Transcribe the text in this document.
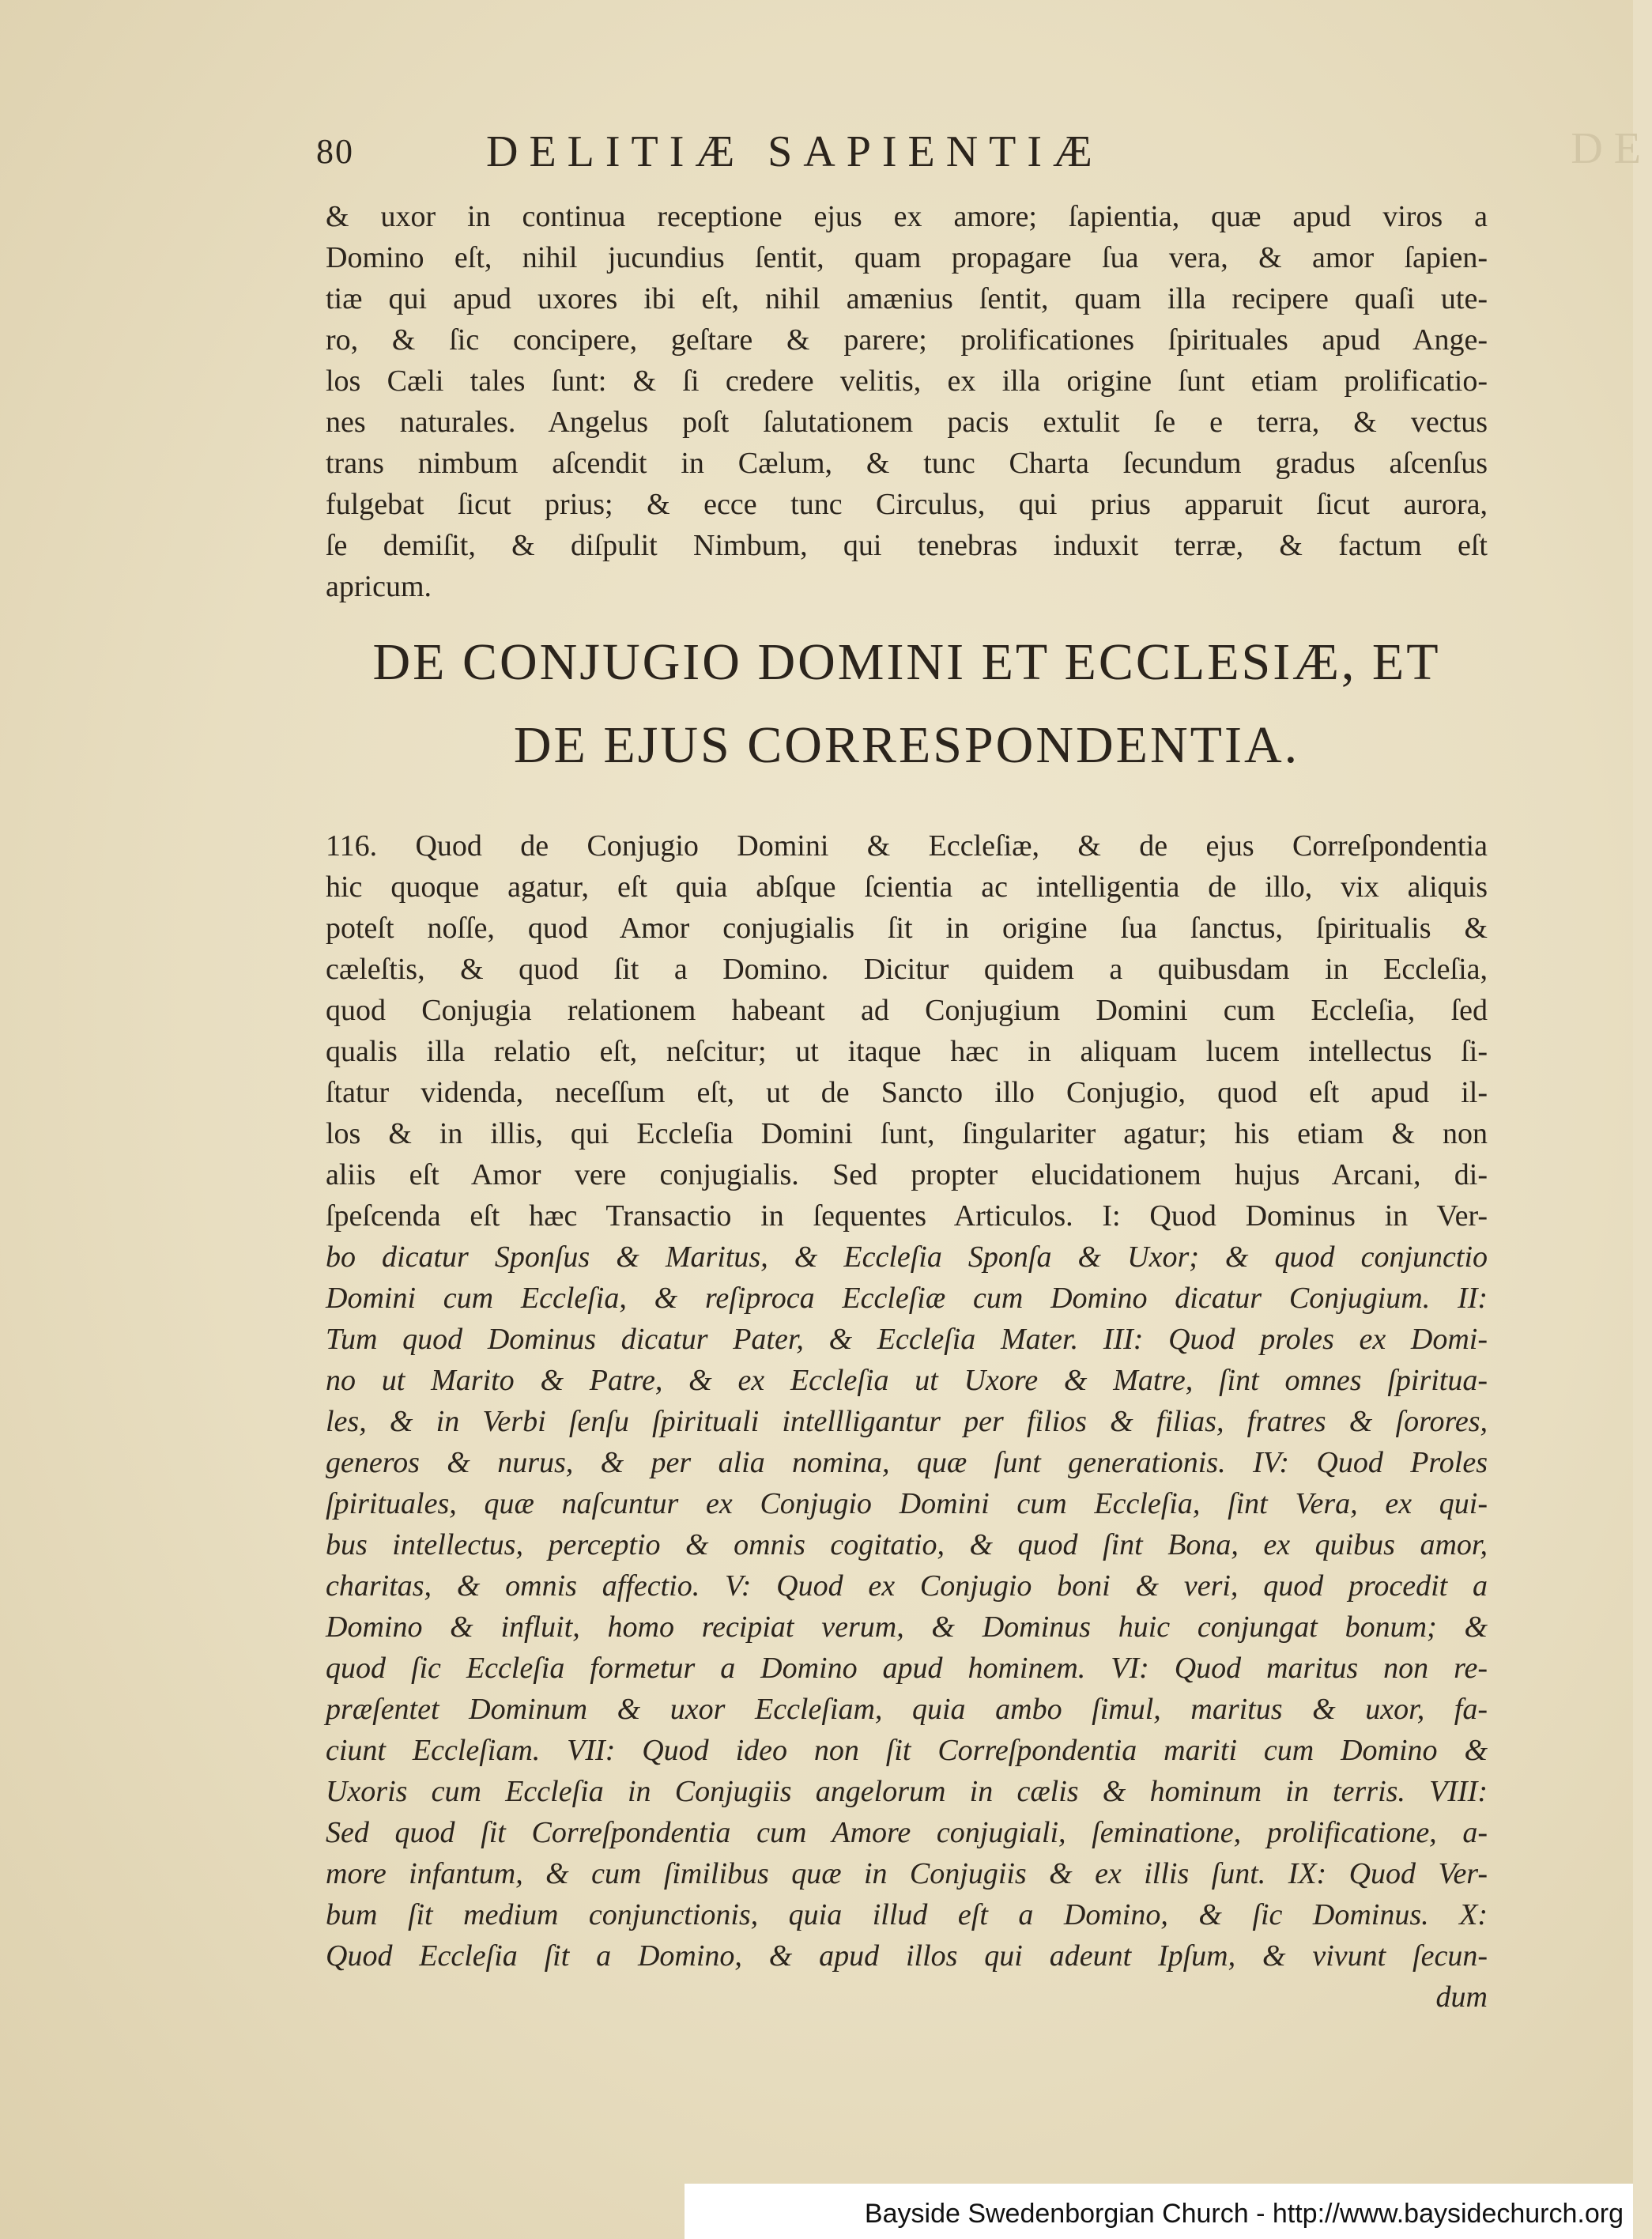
80	DELITIÆ SAPIENTIÆ	DE
& uxor in continua receptione ejus ex amore; ſapientia, quæ apud viros a
Domino eſt, nihil jucundius ſentit, quam propagare ſua vera, & amor ſapien-
tiæ qui apud uxores ibi eſt, nihil amænius ſentit, quam illa recipere quaſi ute-
ro, & ſic concipere, geſtare & parere; prolificationes ſpirituales apud Ange-
los Cæli tales ſunt: & ſi credere velitis, ex illa origine ſunt etiam prolificatio-
nes naturales. Angelus poſt ſalutationem pacis extulit ſe e terra, & vectus
trans nimbum aſcendit in Cælum, & tunc Charta ſecundum gradus aſcenſus
fulgebat ſicut prius; & ecce tunc Circulus, qui prius apparuit ſicut aurora,
ſe demiſit, & diſpulit Nimbum, qui tenebras induxit terræ, & factum eſt
apricum.
DE CONJUGIO DOMINI ET ECCLESIÆ, ET
DE EJUS CORRESPONDENTIA.
116. Quod de Conjugio Domini & Eccleſiæ, & de ejus Correſpondentia
hic quoque agatur, eſt quia abſque ſcientia ac intelligentia de illo, vix aliquis
poteſt noſſe, quod Amor conjugialis ſit in origine ſua ſanctus, ſpiritualis &
cæleſtis, & quod ſit a Domino. Dicitur quidem a quibusdam in Eccleſia,
quod Conjugia relationem habeant ad Conjugium Domini cum Eccleſia, ſed
qualis illa relatio eſt, neſcitur; ut itaque hæc in aliquam lucem intellectus ſi-
ſtatur videnda, neceſſum eſt, ut de Sancto illo Conjugio, quod eſt apud il-
los & in illis, qui Eccleſia Domini ſunt, ſingulariter agatur; his etiam & non
aliis eſt Amor vere conjugialis. Sed propter elucidationem hujus Arcani, di-
ſpeſcenda eſt hæc Transactio in ſequentes Articulos. I: Quod Dominus in Ver-
bo dicatur Sponſus & Maritus, & Eccleſia Sponſa & Uxor; & quod conjunctio
Domini cum Eccleſia, & reſiproca Eccleſiæ cum Domino dicatur Conjugium. II:
Tum quod Dominus dicatur Pater, & Eccleſia Mater. III: Quod proles ex Domi-
no ut Marito & Patre, & ex Eccleſia ut Uxore & Matre, ſint omnes ſpiritua-
les, & in Verbi ſenſu ſpirituali intellligantur per filios & filias, fratres & ſorores,
generos & nurus, & per alia nomina, quæ ſunt generationis. IV: Quod Proles
ſpirituales, quæ naſcuntur ex Conjugio Domini cum Eccleſia, ſint Vera, ex qui-
bus intellectus, perceptio & omnis cogitatio, & quod ſint Bona, ex quibus amor,
charitas, & omnis affectio. V: Quod ex Conjugio boni & veri, quod procedit a
Domino & influit, homo recipiat verum, & Dominus huic conjungat bonum; &
quod ſic Eccleſia formetur a Domino apud hominem. VI: Quod maritus non re-
præſentet Dominum & uxor Eccleſiam, quia ambo ſimul, maritus & uxor, fa-
ciunt Eccleſiam. VII: Quod ideo non ſit Correſpondentia mariti cum Domino &
Uxoris cum Eccleſia in Conjugiis angelorum in cælis & hominum in terris. VIII:
Sed quod ſit Correſpondentia cum Amore conjugiali, ſeminatione, prolificatione, a-
more infantum, & cum ſimilibus quæ in Conjugiis & ex illis ſunt. IX: Quod Ver-
bum ſit medium conjunctionis, quia illud eſt a Domino, & ſic Dominus. X:
Quod Eccleſia ſit a Domino, & apud illos qui adeunt Ipſum, & vivunt ſecun-
dum
Bayside Swedenborgian Church - http://www.baysidechurch.org
